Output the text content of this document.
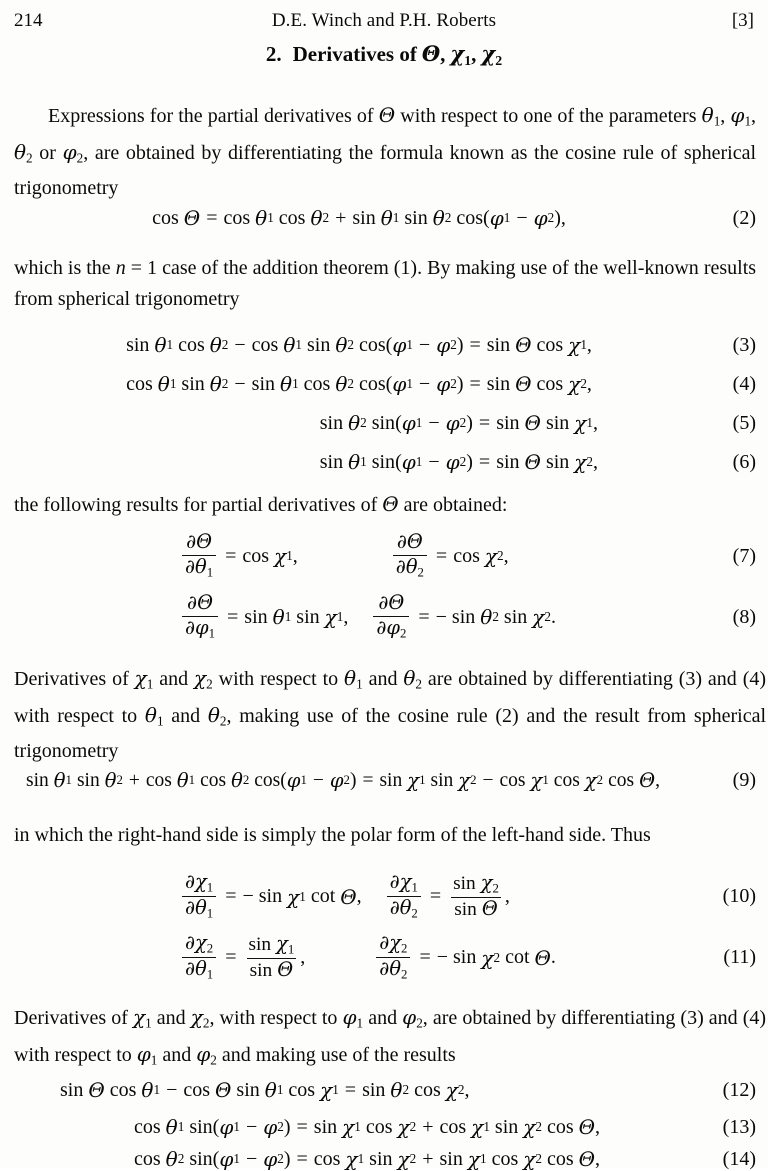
214	D.E. Winch and P.H. Roberts	[3]
2. Derivatives of Θ, $\chi_1$, $\chi_2$
Expressions for the partial derivatives of Θ with respect to one of the parameters $\theta_1$, $\varphi_1$, $\theta_2$ or $\varphi_2$, are obtained by differentiating the formula known as the cosine rule of spherical trigonometry
cos Θ = cos θ 1 cos θ 2 + sin θ 1 sin θ 2 cos ( φ 1 − φ 2 ) ,	(2)
which is the n = 1 case of the addition theorem (1). By making use of the well-known results from spherical trigonometry
sin θ 1 cos θ 2 − cos θ 1 sin θ 2 cos ( φ 1 − φ 2 ) = sin Θ cos χ 1 ,	(3)
cos θ 1 sin θ 2 − sin θ 1 cos θ 2 cos ( φ 1 − φ 2 ) = sin Θ cos χ 2 ,	(4)
sin θ 2 sin ( φ 1 − φ 2 ) = sin Θ sin χ 1 ,	(5)
sin θ 1 sin ( φ 1 − φ 2 ) = sin Θ sin χ 2 ,	(6)
the following results for partial derivatives of Θ are obtained:
$\frac{\partial\Theta}{\partial\theta_1} = \cos \chi$ 1 ,	$\frac{\partial\Theta}{\partial\theta_2} = \cos \chi$ 2 ,	(7)
$\frac{\partial\Theta}{\partial\varphi_1} = \sin \theta$ 1 sin χ 1 , $\frac{\partial\Theta}{\partial\varphi_2}$ = − sin θ 2 sin χ 2 .	(8)
Derivatives of $\chi_1$ and $\chi_2$ with respect to $\theta_1$ and $\theta_2$ are obtained by differentiating (3) and (4) with respect to $\theta_1$ and $\theta_2$, making use of the cosine rule (2) and the result from spherical trigonometry
sin θ 1 sin θ 2 + cos θ 1 cos θ 2 cos ( φ 1 − φ 2 ) = sin χ 1 sin χ 2 − cos χ 1 cos χ 2 cos Θ ,	(9)
in which the right-hand side is simply the polar form of the left-hand side. Thus
$\frac{\partial\chi_1}{\partial\theta_1}$ = − sin χ 1 cot Θ , $\frac{\partial\chi_1}{\partial\theta_2} = \frac{\sin \chi_2}{\text{sin Θ}}$ ,	(10)
$\frac{\partial\chi_2}{\partial\theta_1} = \frac{\sin \chi_1}{\text{sin Θ}}$ ,	$\frac{\partial\chi_2}{\partial\theta_2}$ = − sin χ 2 cot Θ .	(11)
Derivatives of $\chi_1$ and $\chi_2$, with respect to $\varphi_1$ and $\varphi_2$, are obtained by differentiating (3) and (4) with respect to $\varphi_1$ and $\varphi_2$ and making use of the results
sin Θ cos θ 1 − cos Θ sin θ 1 cos χ 1 = sin θ 2 cos χ 2 ,	(12)
cos θ 1 sin ( φ 1 − φ 2 ) = sin χ 1 cos χ 2 + cos χ 1 sin χ 2 cos Θ ,	(13)
cos θ 2 sin ( φ 1 − φ 2 ) = cos χ 1 sin χ 2 + sin χ 1 cos χ 2 cos Θ ,	(14)
